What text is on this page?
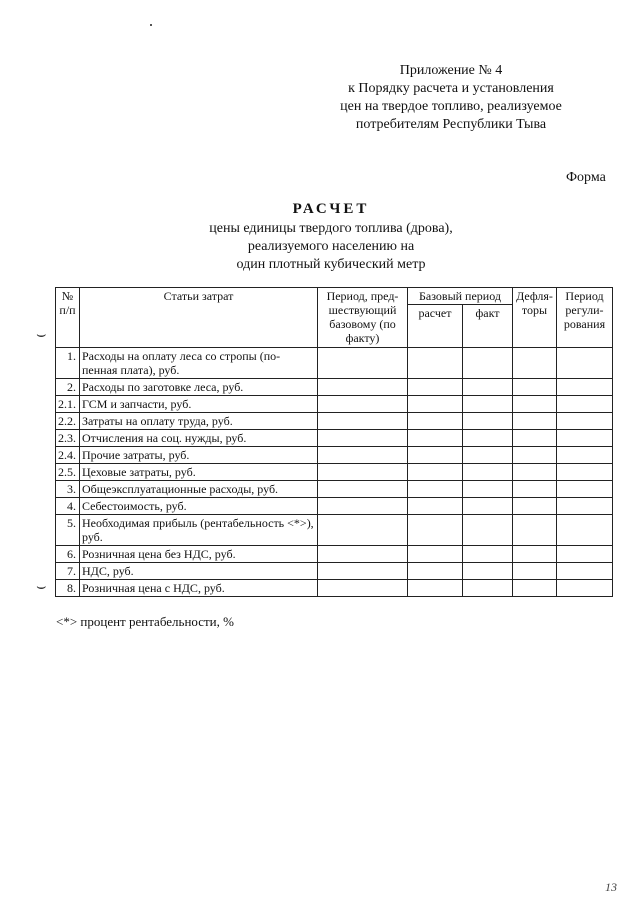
Приложение № 4
к Порядку расчета и установления
цен на твердое топливо, реализуемое
потребителям Республики Тыва
Форма
РАСЧЕТ
цены единицы твердого топлива (дрова),
реализуемого населению на
один плотный кубический метр
⌣
⌣
№ п/п	Статьи затрат	Период, пред-шествующий базовому (по факту)	Базовый период		Дефля-торы	Период регули-рования
			расчет	факт		
1.	Расходы на оплату леса со стропы (по-пенная плата), руб.					
2.	Расходы по заготовке леса, руб.					
2.1.	ГСМ и запчасти, руб.					
2.2.	Затраты на оплату труда, руб.					
2.3.	Отчисления на соц. нужды, руб.					
2.4.	Прочие затраты, руб.					
2.5.	Цеховые затраты, руб.					
3.	Общеэксплуатационные расходы, руб.					
4.	Себестоимость, руб.					
5.	Необходимая прибыль (рентабельность <*>), руб.					
6.	Розничная цена без НДС, руб.					
7.	НДС, руб.					
8.	Розничная цена с НДС, руб.					
<*> процент рентабельности, %
13
